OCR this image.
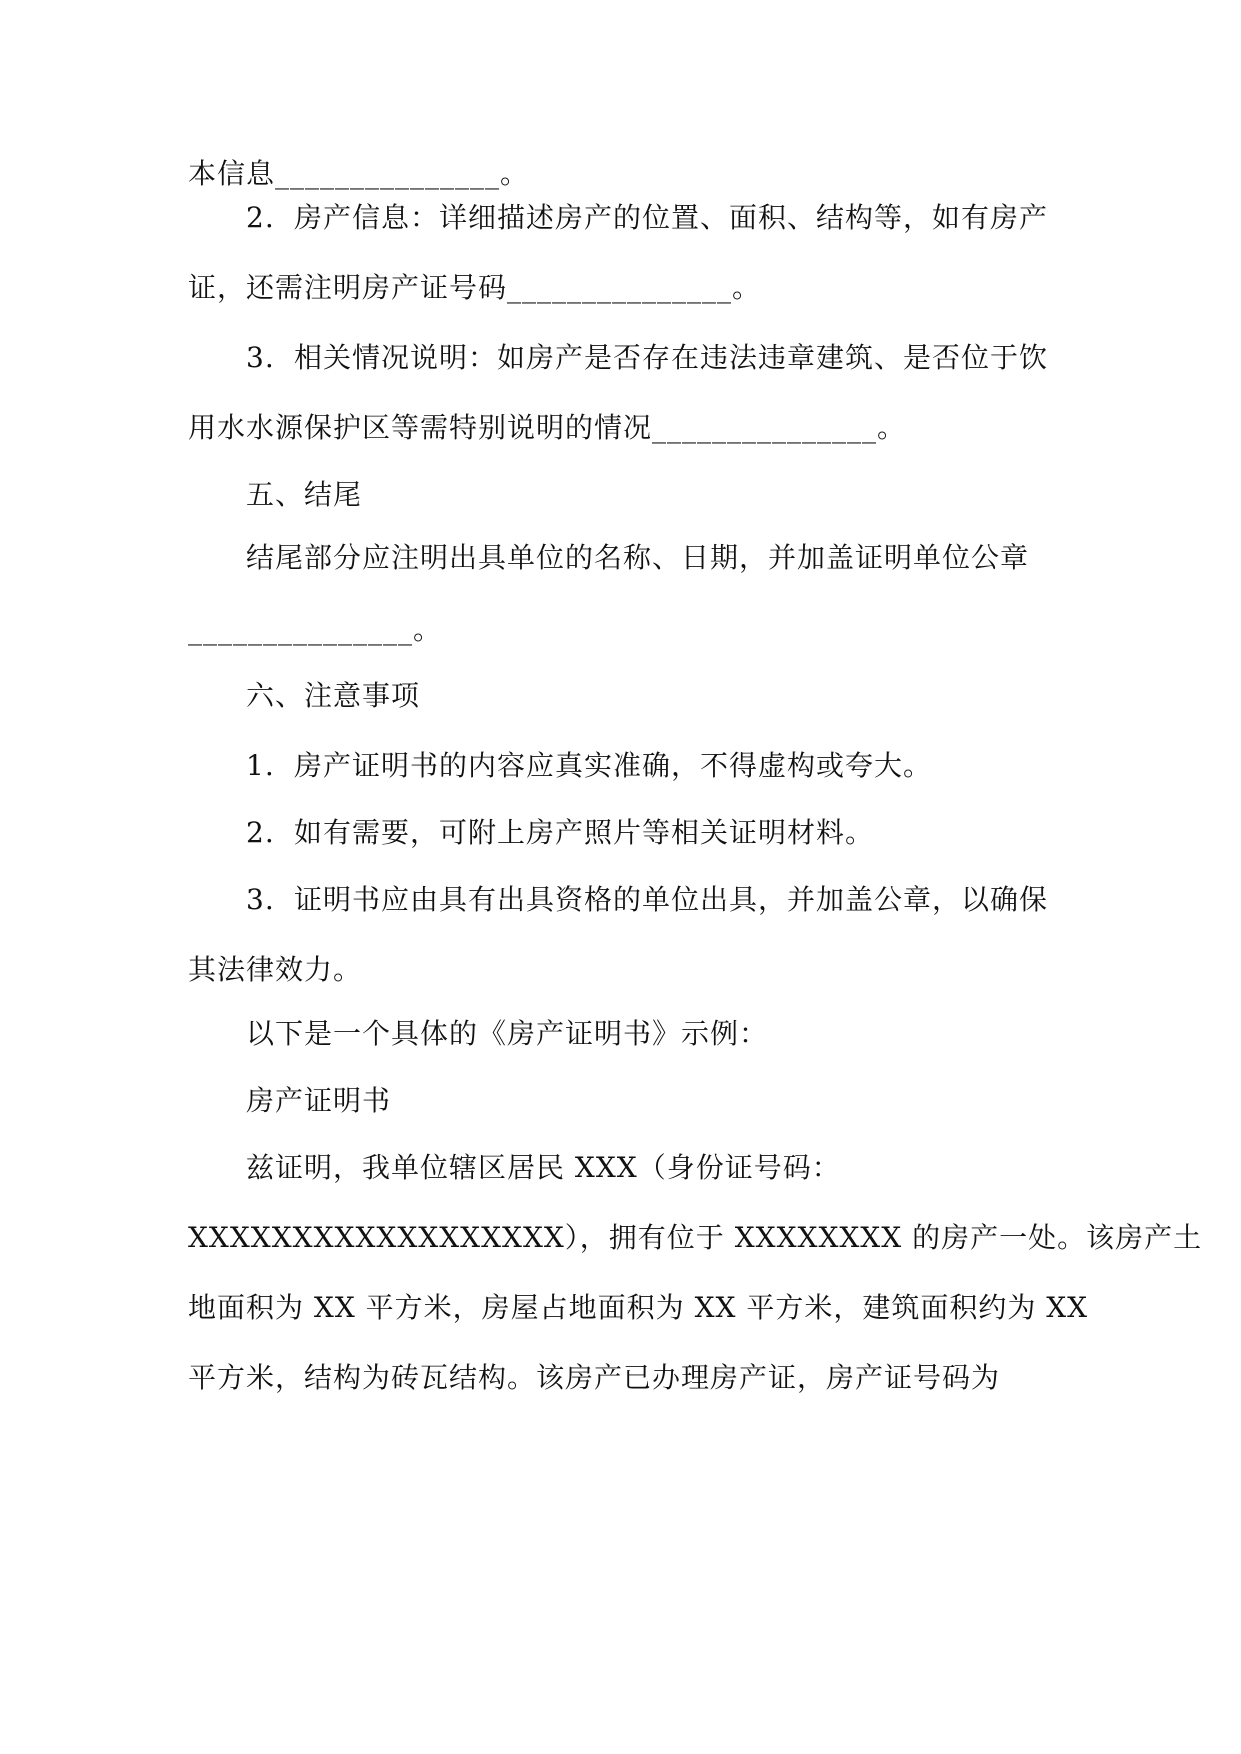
本信息_______________。
2. 房产信息：详细描述房产的位置、面积、结构等，如有房产
证，还需注明房产证号码_______________。
3. 相关情况说明：如房产是否存在违法违章建筑、是否位于饮
用水水源保护区等需特别说明的情况_______________。
五、结尾
结尾部分应注明出具单位的名称、日期，并加盖证明单位公章
_______________。
六、注意事项
1. 房产证明书的内容应真实准确，不得虚构或夸大。
2. 如有需要，可附上房产照片等相关证明材料。
3. 证明书应由具有出具资格的单位出具，并加盖公章，以确保
其法律效力。
以下是一个具体的《房产证明书》示例：
房产证明书
兹证明，我单位辖区居民 XXX（身份证号码：
XXXXXXXXXXXXXXXXXX），拥有位于 XXXXXXXX 的房产一处。该房产土
地面积为 XX 平方米，房屋占地面积为 XX 平方米，建筑面积约为 XX
平方米，结构为砖瓦结构。该房产已办理房产证，房产证号码为
